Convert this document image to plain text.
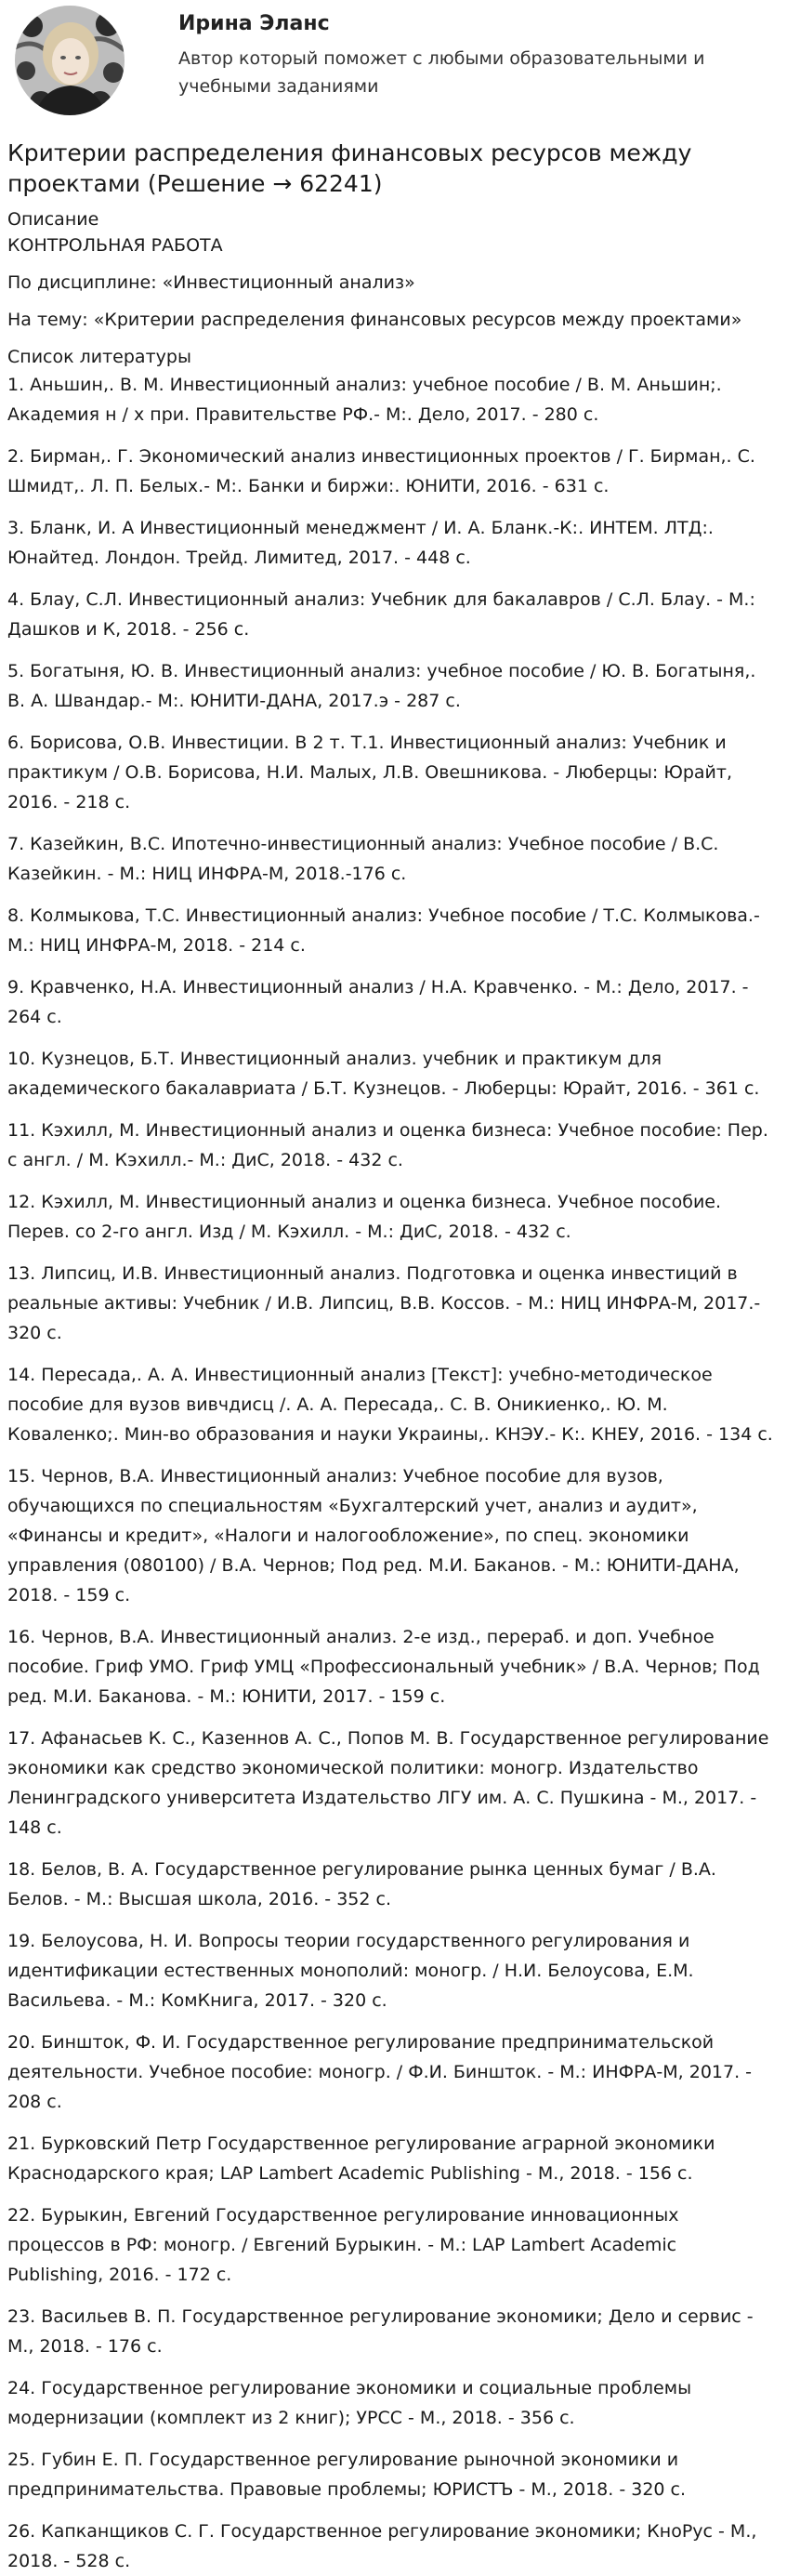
Ирина Эланс
Автор который поможет с любыми образовательными и учебными заданиями
Критерии распределения финансовых ресурсов между проектами (Решение → 62241)
Описание
КОНТРОЛЬНАЯ РАБОТА
По дисциплине: «Инвестиционный анализ»
На тему: «Критерии распределения финансовых ресурсов между проектами»
Список литературы
1. Аньшин,. В. М. Инвестиционный анализ: учебное пособие / В. М. Аньшин;. Академия н / х при. Правительстве РФ.- М:. Дело, 2017. - 280 с.
2. Бирман,. Г. Экономический анализ инвестиционных проектов / Г. Бирман,. С. Шмидт,. Л. П. Белых.- М:. Банки и биржи:. ЮНИТИ, 2016. - 631 с.
3. Бланк, И. А Инвестиционный менеджмент / И. А. Бланк.-К:. ИНТЕМ. ЛТД:. Юнайтед. Лондон. Трейд. Лимитед, 2017. - 448 с.
4. Блау, С.Л. Инвестиционный анализ: Учебник для бакалавров / С.Л. Блау. - М.: Дашков и К, 2018. - 256 с.
5. Богатыня, Ю. В. Инвестиционный анализ: учебное пособие / Ю. В. Богатыня,. В. А. Швандар.- М:. ЮНИТИ-ДАНА, 2017.э - 287 с.
6. Борисова, О.В. Инвестиции. В 2 т. Т.1. Инвестиционный анализ: Учебник и практикум / О.В. Борисова, Н.И. Малых, Л.В. Овешникова. - Люберцы: Юрайт, 2016. - 218 с.
7. Казейкин, В.С. Ипотечно-инвестиционный анализ: Учебное пособие / В.С. Казейкин. - М.: НИЦ ИНФРА-М, 2018.-176 с.
8. Колмыкова, Т.С. Инвестиционный анализ: Учебное пособие / Т.С. Колмыкова.- М.: НИЦ ИНФРА-М, 2018. - 214 с.
9. Кравченко, Н.А. Инвестиционный анализ / Н.А. Кравченко. - М.: Дело, 2017. - 264 с.
10. Кузнецов, Б.Т. Инвестиционный анализ. учебник и практикум для академического бакалавриата / Б.Т. Кузнецов. - Люберцы: Юрайт, 2016. - 361 с.
11. Кэхилл, М. Инвестиционный анализ и оценка бизнеса: Учебное пособие: Пер. с англ. / М. Кэхилл.- М.: ДиС, 2018. - 432 с.
12. Кэхилл, М. Инвестиционный анализ и оценка бизнеса. Учебное пособие. Перев. со 2-го англ. Изд / М. Кэхилл. - М.: ДиС, 2018. - 432 с.
13. Липсиц, И.В. Инвестиционный анализ. Подготовка и оценка инвестиций в реальные активы: Учебник / И.В. Липсиц, В.В. Коссов. - М.: НИЦ ИНФРА-М, 2017.- 320 с.
14. Пересада,. А. А. Инвестиционный анализ [Текст]: учебно-методическое пособие для вузов вивчдисц /. А. А. Пересада,. С. В. Оникиенко,. Ю. М. Коваленко;. Мин-во образования и науки Украины,. КНЭУ.- К:. КНЕУ, 2016. - 134 с.
15. Чернов, В.А. Инвестиционный анализ: Учебное пособие для вузов, обучающихся по специальностям «Бухгалтерский учет, анализ и аудит», «Финансы и кредит», «Налоги и налогообложение», по спец. экономики управления (080100) / В.А. Чернов; Под ред. М.И. Баканов. - М.: ЮНИТИ-ДАНА, 2018. - 159 с.
16. Чернов, В.А. Инвестиционный анализ. 2-е изд., перераб. и доп. Учебное пособие. Гриф УМО. Гриф УМЦ «Профессиональный учебник» / В.А. Чернов; Под ред. М.И. Баканова. - М.: ЮНИТИ, 2017. - 159 с.
17. Афанасьев К. С., Казеннов А. С., Попов М. В. Государственное регулирование экономики как средство экономической политики: моногр. Издательство Ленинградского университета Издательство ЛГУ им. А. С. Пушкина - М., 2017. - 148 с.
18. Белов, В. А. Государственное регулирование рынка ценных бумаг / В.А. Белов. - М.: Высшая школа, 2016. - 352 с.
19. Белоусова, Н. И. Вопросы теории государственного регулирования и идентификации естественных монополий: моногр. / Н.И. Белоусова, Е.М. Васильева. - М.: КомКнига, 2017. - 320 с.
20. Биншток, Ф. И. Государственное регулирование предпринимательской деятельности. Учебное пособие: моногр. / Ф.И. Биншток. - М.: ИНФРА-М, 2017. - 208 с.
21. Бурковский Петр Государственное регулирование аграрной экономики Краснодарского края; LAP Lambert Academic Publishing - М., 2018. - 156 с.
22. Бурыкин, Евгений Государственное регулирование инновационных процессов в РФ: моногр. / Евгений Бурыкин. - М.: LAP Lambert Academic Publishing, 2016. - 172 с.
23. Васильев В. П. Государственное регулирование экономики; Дело и сервис - М., 2018. - 176 с.
24. Государственное регулирование экономики и социальные проблемы модернизации (комплект из 2 книг); УРСС - М., 2018. - 356 с.
25. Губин Е. П. Государственное регулирование рыночной экономики и предпринимательства. Правовые проблемы; ЮРИСТЪ - М., 2018. - 320 с.
26. Капканщиков С. Г. Государственное регулирование экономики; КноРус - М., 2018. - 528 с.
